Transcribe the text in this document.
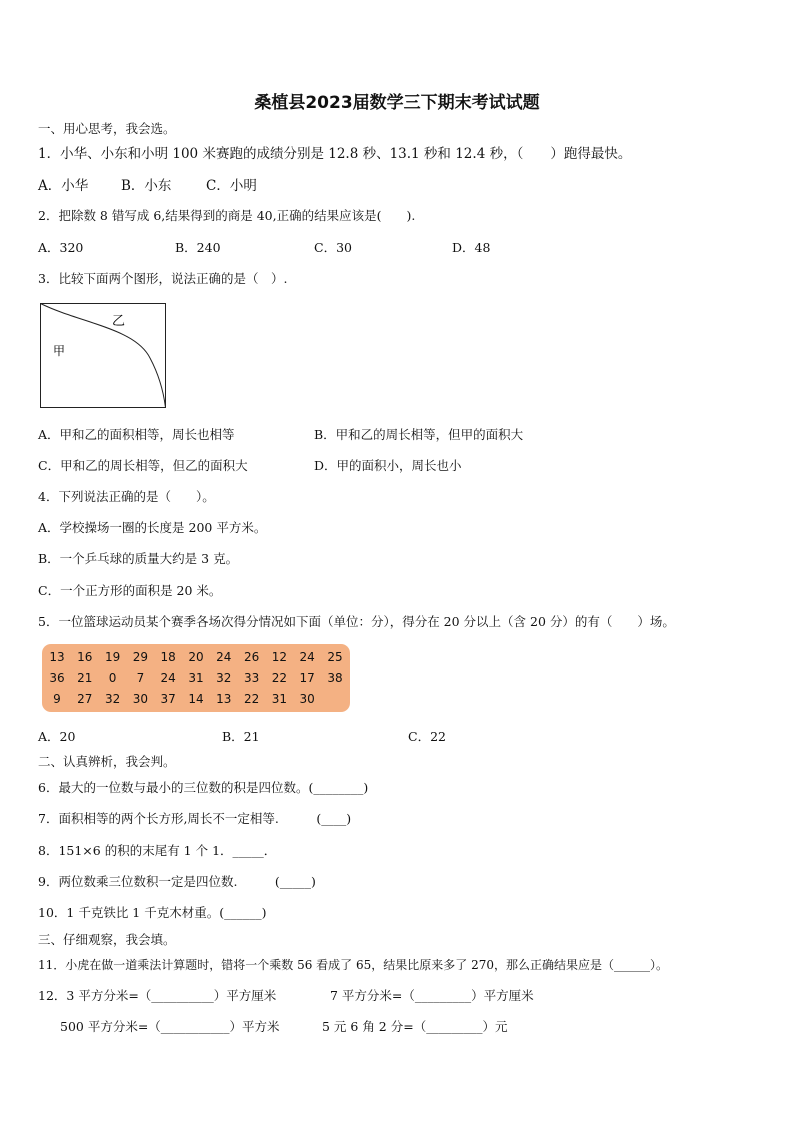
桑植县2023届数学三下期末考试试题
一、用心思考，我会选。
1．小华、小东和小明 100 米赛跑的成绩分别是 12.8 秒、13.1 秒和 12.4 秒，（　　）跑得最快。
A．小华 B．小东	C．小明
2．把除数 8 错写成 6,结果得到的商是 40,正确的结果应该是(　　).
A．320	B．240	C．30	D．48
3．比较下面两个图形，说法正确的是（　）.
甲
乙
A．甲和乙的面积相等，周长也相等	B．甲和乙的周长相等，但甲的面积大
C．甲和乙的周长相等，但乙的面积大	D．甲的面积小，周长也小
4．下列说法正确的是（　　）。
A．学校操场一圈的长度是 200 平方米。
B．一个乒乓球的质量大约是 3 克。
C．一个正方形的面积是 20 米。
5．一位篮球运动员某个赛季各场次得分情况如下面（单位：分），得分在 20 分以上（含 20 分）的有（　　）场。
13	16	19	29	18	20	24	26	12	24	25
36	21	0	7	24	31	32	33	22	17	38
9	27	32	30	37	14	13	22	31	30
A．20	B．21	C．22
二、认真辨析，我会判。
6．最大的一位数与最小的三位数的积是四位数。(________)
7．面积相等的两个长方形,周长不一定相等.　　　(____)
8．151×6 的积的末尾有 1 个 1．_____．
9．两位数乘三位数积一定是四位数.　　　(_____)
10．1 千克铁比 1 千克木材重。(______)
三、仔细观察，我会填。
11．小虎在做一道乘法计算题时，错将一个乘数 56 看成了 65，结果比原来多了 270，那么正确结果应是（______）。
12．3 平方分米=（__________）平方厘米	7 平方分米=（_________）平方厘米
500 平方分米=（___________）平方米	5 元 6 角 2 分=（_________）元
